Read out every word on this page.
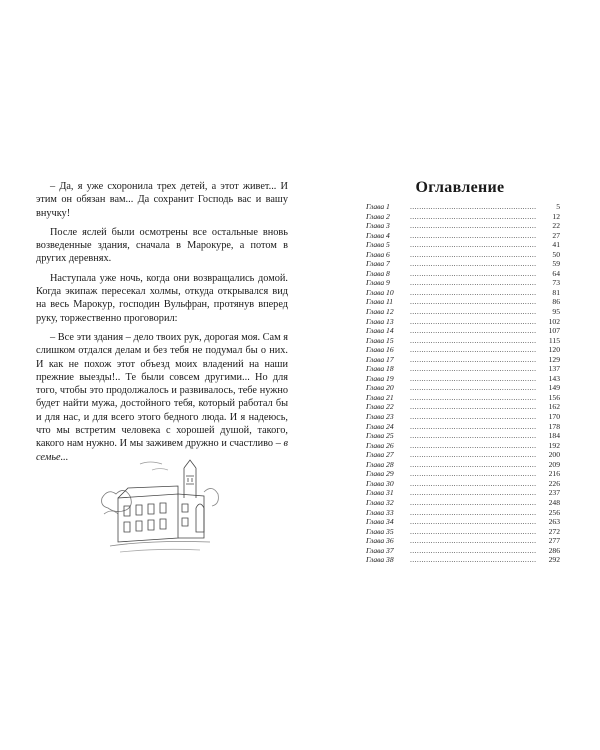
– Да, я уже схоронила трех детей, а этот живет... И этим он обязан вам... Да сохранит Господь вас и вашу внучку!

После яслей были осмотрены все остальные вновь возведенные здания, сначала в Марокуре, а потом в других деревнях.

Наступала уже ночь, когда они возвращались домой. Когда экипаж пересекал холмы, откуда открывался вид на весь Марокур, господин Вульфран, протянув вперед руку, торжественно проговорил:

– Все эти здания – дело твоих рук, дорогая моя. Сам я слишком отдался делам и без тебя не подумал бы о них. И как не похож этот объезд моих владений на наши прежние выезды!.. Те были совсем другими... Но для того, чтобы это продолжалось и развивалось, тебе нужно будет найти мужа, достойного тебя, который работал бы и для нас, и для всего этого бедного люда. И я надеюсь, что мы встретим человека с хорошей душой, такого, какого нам нужно. И мы заживем дружно и счастливо – в семье...

Оглавление
Глава 1 .....	5
Глава 2 .....	12
Глава 3 .....	22
Глава 4 .....	27
Глава 5 .....	41
Глава 6 .....	50
Глава 7 .....	59
Глава 8 .....	64
Глава 9 .....	73
Глава 10 .....	81
Глава 11 .....	86
Глава 12 .....	95
Глава 13 .....	102
Глава 14 .....	107
Глава 15 .....	115
Глава 16 .....	120
Глава 17 .....	129
Глава 18 .....	137
Глава 19 .....	143
Глава 20 .....	149
Глава 21 .....	156
Глава 22 .....	162
Глава 23 .....	170
Глава 24 .....	178
Глава 25 .....	184
Глава 26 .....	192
Глава 27 .....	200
Глава 28 .....	209
Глава 29 .....	216
Глава 30 .....	226
Глава 31 .....	237
Глава 32 .....	248
Глава 33 .....	256
Глава 34 .....	263
Глава 35 .....	272
Глава 36 .....	277
Глава 37 .....	286
Глава 38 .....	292
